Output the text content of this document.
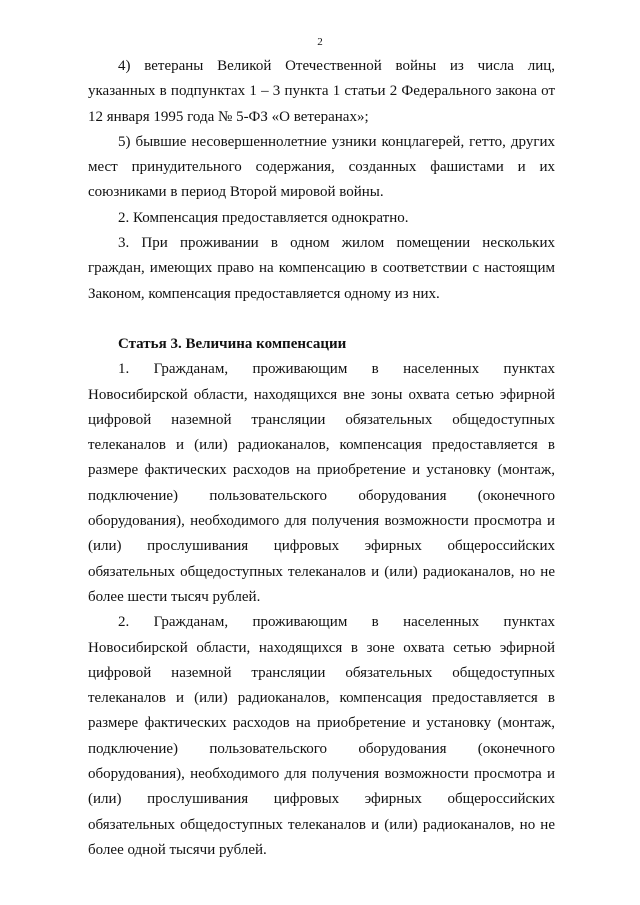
2

4) ветераны Великой Отечественной войны из числа лиц, указанных в подпунктах 1 – 3 пункта 1 статьи 2 Федерального закона от 12 января 1995 года № 5-ФЗ «О ветеранах»;

5) бывшие несовершеннолетние узники концлагерей, гетто, других мест принудительного содержания, созданных фашистами и их союзниками в период Второй мировой войны.

2. Компенсация предоставляется однократно.

3. При проживании в одном жилом помещении нескольких граждан, имеющих право на компенсацию в соответствии с настоящим Законом, компенсация предоставляется одному из них.

Статья 3. Величина компенсации

1. Гражданам, проживающим в населенных пунктах Новосибирской области, находящихся вне зоны охвата сетью эфирной цифровой наземной трансляции обязательных общедоступных телеканалов и (или) радиоканалов, компенсация предоставляется в размере фактических расходов на приобретение и установку (монтаж, подключение) пользовательского оборудования (оконечного оборудования), необходимого для получения возможности просмотра и (или) прослушивания цифровых эфирных общероссийских обязательных общедоступных телеканалов и (или) радиоканалов, но не более шести тысяч рублей.

2. Гражданам, проживающим в населенных пунктах Новосибирской области, находящихся в зоне охвата сетью эфирной цифровой наземной трансляции обязательных общедоступных телеканалов и (или) радиоканалов, компенсация предоставляется в размере фактических расходов на приобретение и установку (монтаж, подключение) пользовательского оборудования (оконечного оборудования), необходимого для получения возможности просмотра и (или) прослушивания цифровых эфирных общероссийских обязательных общедоступных телеканалов и (или) радиоканалов, но не более одной тысячи рублей.
